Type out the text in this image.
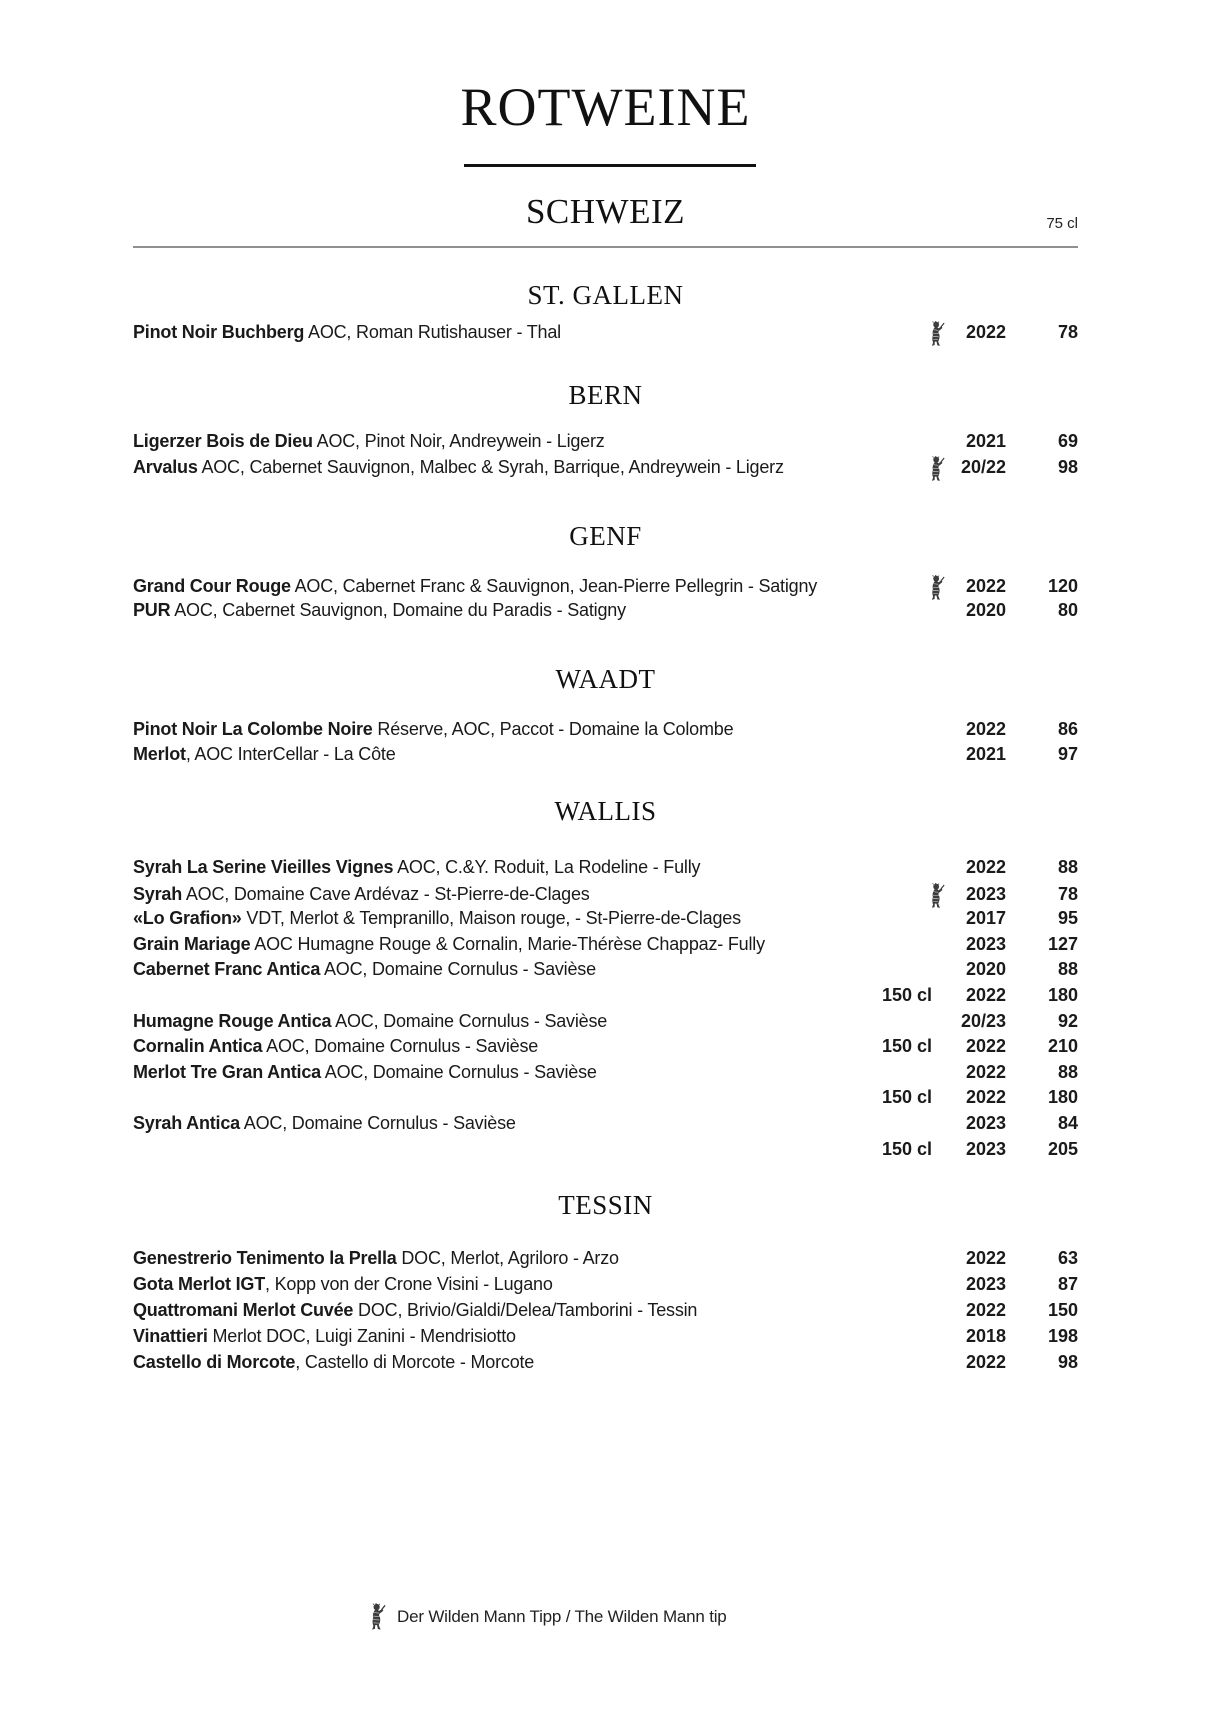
ROTWEINE
SCHWEIZ	75 cl
ST. GALLEN
Pinot Noir Buchberg AOC, Roman Rutishauser - Thal	2022	78
BERN
Ligerzer Bois de Dieu AOC, Pinot Noir, Andreywein - Ligerz	2021	69
Arvalus AOC, Cabernet Sauvignon, Malbec & Syrah, Barrique, Andreywein - Ligerz	20/22	98
GENF
Grand Cour Rouge AOC, Cabernet Franc & Sauvignon, Jean-Pierre Pellegrin - Satigny	2022	120
PUR AOC, Cabernet Sauvignon, Domaine du Paradis - Satigny	2020	80
WAADT
Pinot Noir La Colombe Noire Réserve, AOC, Paccot - Domaine la Colombe	2022	86
Merlot, AOC InterCellar - La Côte	2021	97
WALLIS
Syrah La Serine Vieilles Vignes AOC, C.&Y. Roduit, La Rodeline - Fully	2022	88
Syrah AOC, Domaine Cave Ardévaz - St-Pierre-de-Clages	2023	78
«Lo Grafion» VDT, Merlot & Tempranillo, Maison rouge, - St-Pierre-de-Clages	2017	95
Grain Mariage AOC Humagne Rouge & Cornalin, Marie-Thérèse Chappaz- Fully	2023	127
Cabernet Franc Antica AOC, Domaine Cornulus - Savièse	2020	88
150 cl	2022	180
Humagne Rouge Antica AOC, Domaine Cornulus - Savièse	20/23	92
Cornalin Antica AOC, Domaine Cornulus - Savièse	150 cl	2022	210
Merlot Tre Gran Antica AOC, Domaine Cornulus - Savièse	2022	88
150 cl	2022	180
Syrah Antica AOC, Domaine Cornulus - Savièse	2023	84
150 cl	2023	205
TESSIN
Genestrerio Tenimento la Prella DOC, Merlot, Agriloro - Arzo	2022	63
Gota Merlot IGT, Kopp von der Crone Visini - Lugano	2023	87
Quattromani Merlot Cuvée DOC, Brivio/Gialdi/Delea/Tamborini - Tessin	2022	150
Vinattieri Merlot DOC, Luigi Zanini - Mendrisiotto	2018	198
Castello di Morcote, Castello di Morcote - Morcote	2022	98
Der Wilden Mann Tipp / The Wilden Mann tip
